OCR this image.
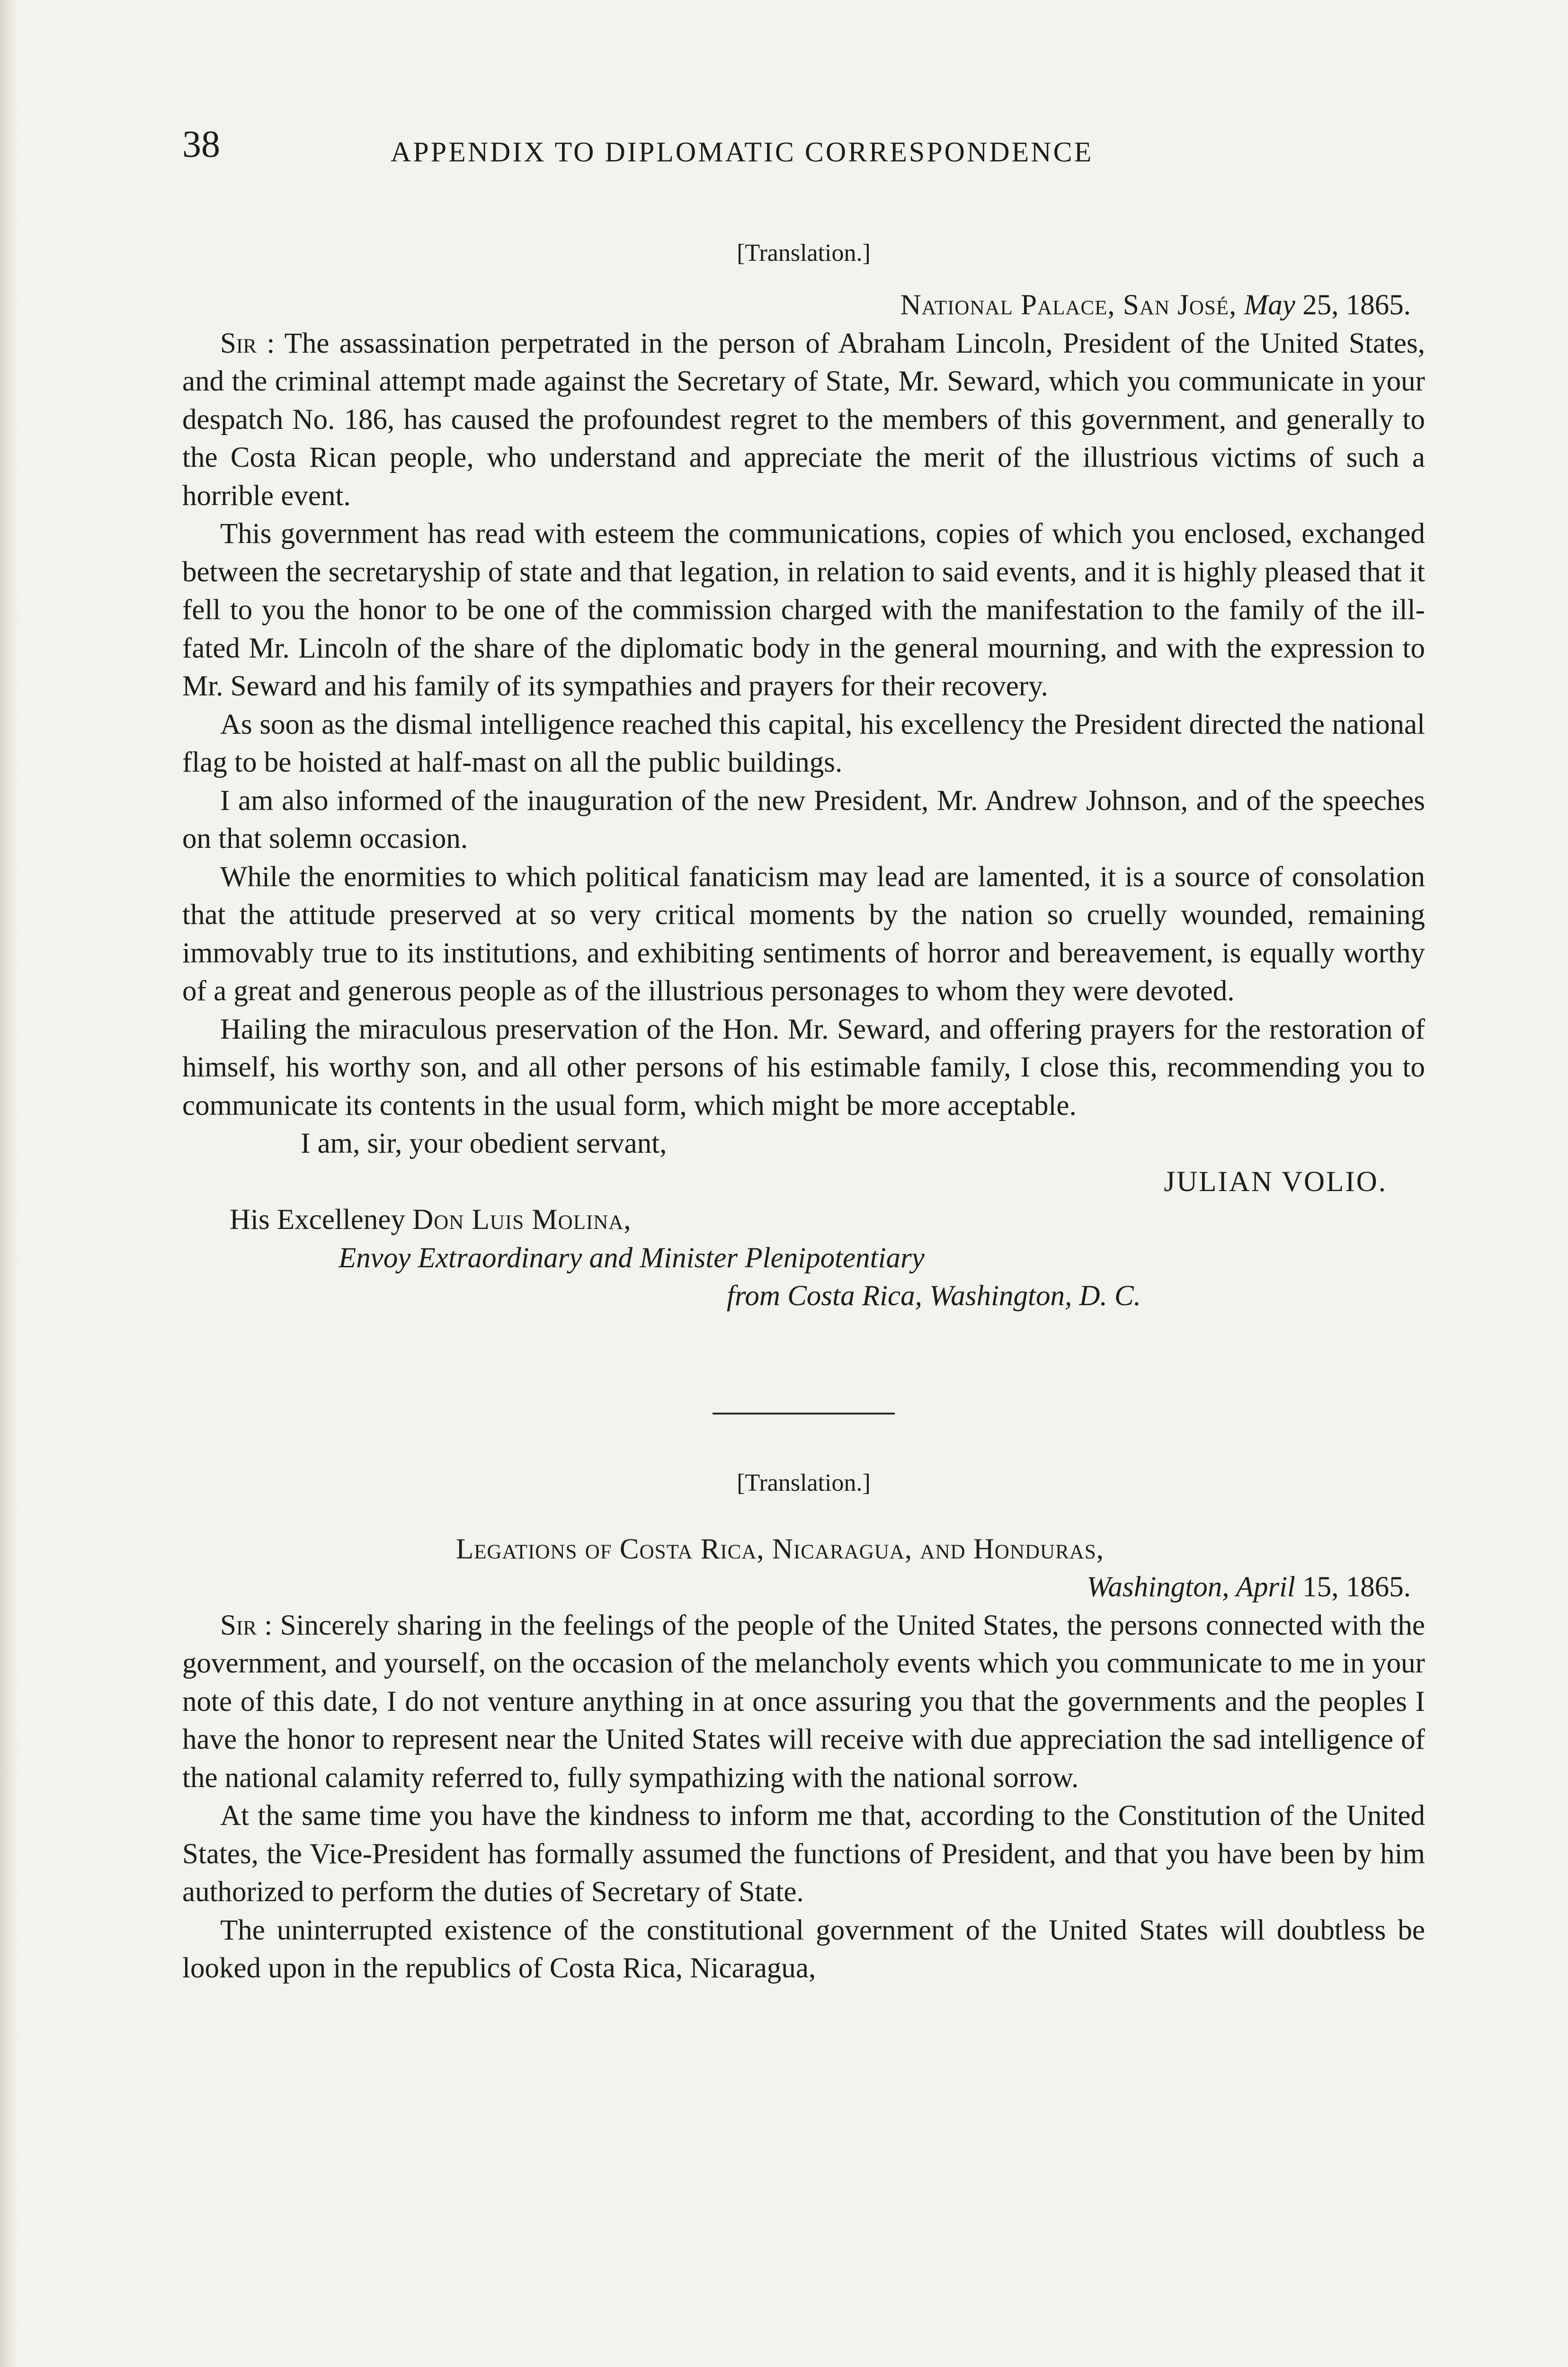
38	APPENDIX TO DIPLOMATIC CORRESPONDENCE

[Translation.]

National Palace, San José, May 25, 1865.

Sir : The assassination perpetrated in the person of Abraham Lincoln, President of the United States, and the criminal attempt made against the Secretary of State, Mr. Seward, which you communicate in your despatch No. 186, has caused the profoundest regret to the members of this government, and generally to the Costa Rican people, who understand and appreciate the merit of the illustrious victims of such a horrible event.

This government has read with esteem the communications, copies of which you enclosed, exchanged between the secretaryship of state and that legation, in relation to said events, and it is highly pleased that it fell to you the honor to be one of the commission charged with the manifestation to the family of the ill-fated Mr. Lincoln of the share of the diplomatic body in the general mourning, and with the expression to Mr. Seward and his family of its sympathies and prayers for their recovery.

As soon as the dismal intelligence reached this capital, his excellency the President directed the national flag to be hoisted at half-mast on all the public buildings.

I am also informed of the inauguration of the new President, Mr. Andrew Johnson, and of the speeches on that solemn occasion.

While the enormities to which political fanaticism may lead are lamented, it is a source of consolation that the attitude preserved at so very critical moments by the nation so cruelly wounded, remaining immovably true to its institutions, and exhibiting sentiments of horror and bereavement, is equally worthy of a great and generous people as of the illustrious personages to whom they were devoted.

Hailing the miraculous preservation of the Hon. Mr. Seward, and offering prayers for the restoration of himself, his worthy son, and all other persons of his estimable family, I close this, recommending you to communicate its contents in the usual form, which might be more acceptable.

I am, sir, your obedient servant,

JULIAN VOLIO.

His Excelleney Don Luis Molina,

Envoy Extraordinary and Minister Plenipotentiary

from Costa Rica, Washington, D. C.

[Translation.]

Legations of Costa Rica, Nicaragua, and Honduras,

Washington, April 15, 1865.

Sir : Sincerely sharing in the feelings of the people of the United States, the persons connected with the government, and yourself, on the occasion of the melancholy events which you communicate to me in your note of this date, I do not venture anything in at once assuring you that the governments and the peoples I have the honor to represent near the United States will receive with due appreciation the sad intelligence of the national calamity referred to, fully sympathizing with the national sorrow.

At the same time you have the kindness to inform me that, according to the Constitution of the United States, the Vice-President has formally assumed the functions of President, and that you have been by him authorized to perform the duties of Secretary of State.

The uninterrupted existence of the constitutional government of the United States will doubtless be looked upon in the republics of Costa Rica, Nicaragua,
